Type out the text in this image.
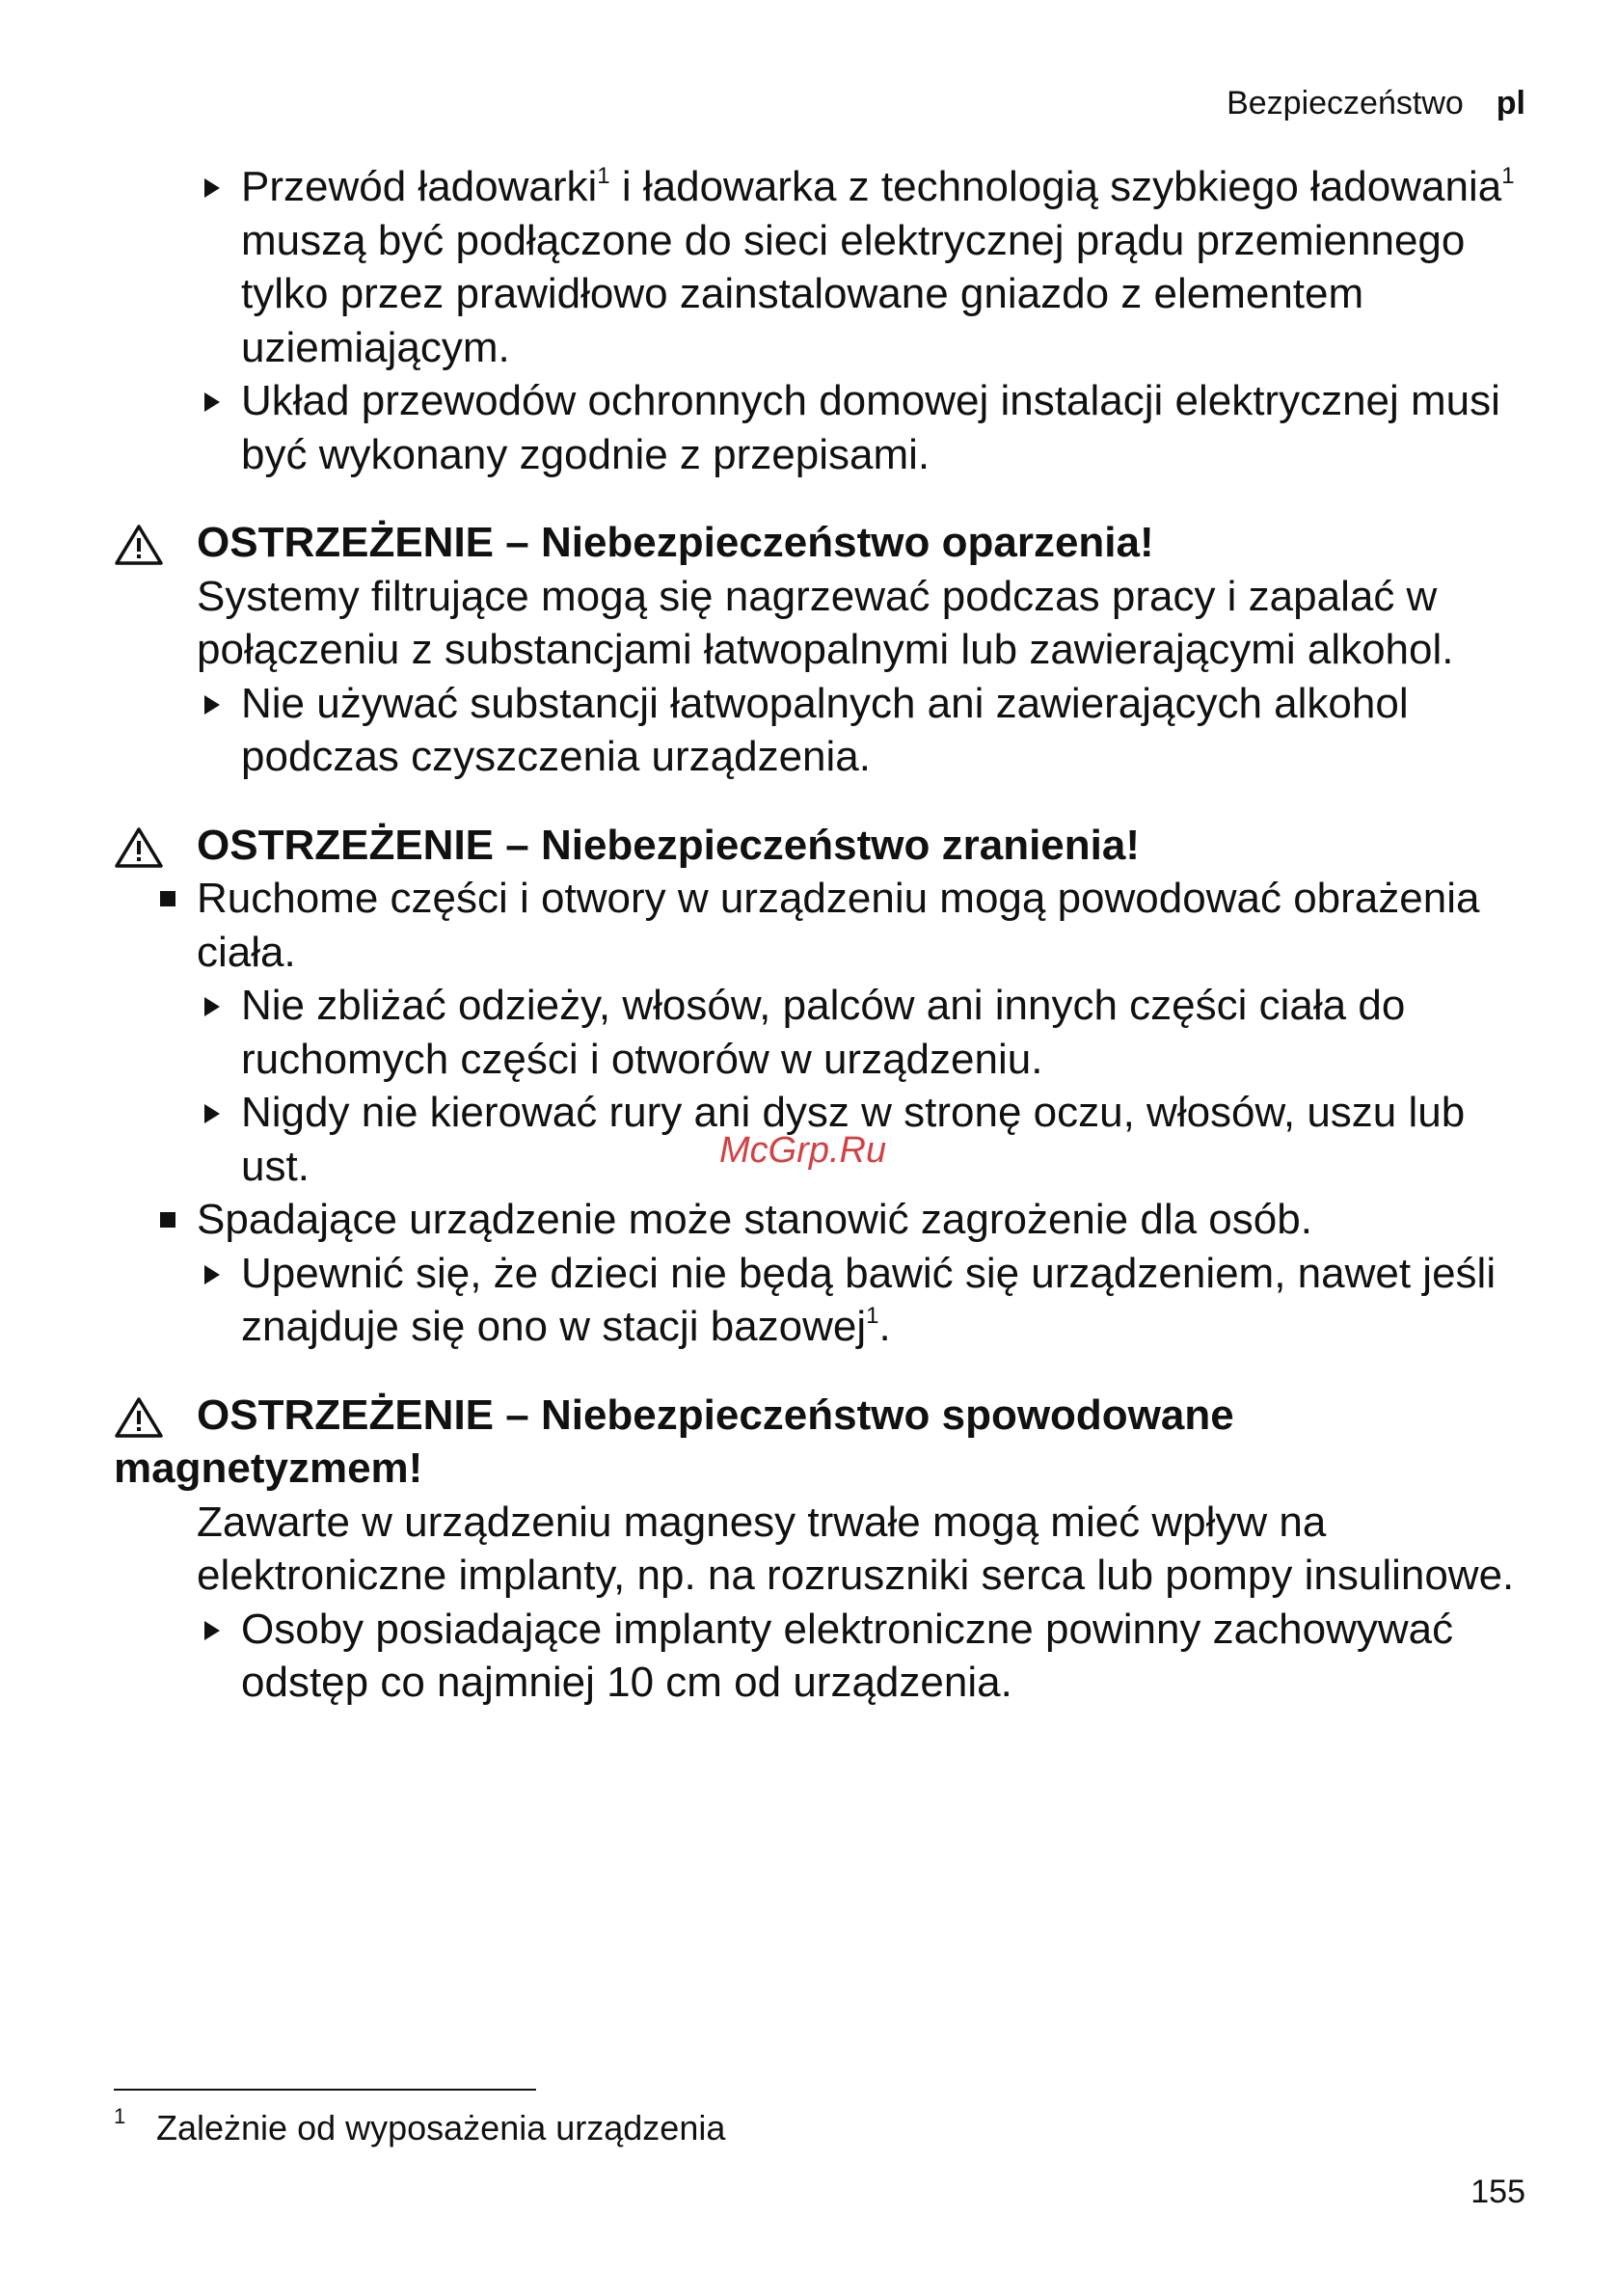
Bezpieczeństwo pl
Przewód ładowarki$^1$ i ładowarka z technologią szybkiego ładowania$^1$ muszą być podłączone do sieci elektrycznej prądu przemiennego tylko przez prawidłowo zainstalowane gniazdo z elementem uziemiającym.
Układ przewodów ochronnych domowej instalacji elektrycznej musi być wykonany zgodnie z przepisami.
OSTRZEŻENIE – Niebezpieczeństwo oparzenia!
Systemy filtrujące mogą się nagrzewać podczas pracy i zapalać w połączeniu z substancjami łatwopalnymi lub zawierającymi alkohol.
Nie używać substancji łatwopalnych ani zawierających alkohol podczas czyszczenia urządzenia.
OSTRZEŻENIE – Niebezpieczeństwo zranienia!
Ruchome części i otwory w urządzeniu mogą powodować obrażenia ciała.
Nie zbliżać odzieży, włosów, palców ani innych części ciała do ruchomych części i otworów w urządzeniu.
Nigdy nie kierować rury ani dysz w stronę oczu, włosów, uszu lub ust.
Spadające urządzenie może stanowić zagrożenie dla osób.
Upewnić się, że dzieci nie będą bawić się urządzeniem, nawet jeśli znajduje się ono w stacji bazowej$^1$.
OSTRZEŻENIE – Niebezpieczeństwo spowodowane magnetyzmem!
Zawarte w urządzeniu magnesy trwałe mogą mieć wpływ na elektroniczne implanty, np. na rozruszniki serca lub pompy insulinowe.
Osoby posiadające implanty elektroniczne powinny zachowywać odstęp co najmniej 10 cm od urządzenia.
McGrp.Ru
1 Zależnie od wyposażenia urządzenia
155
